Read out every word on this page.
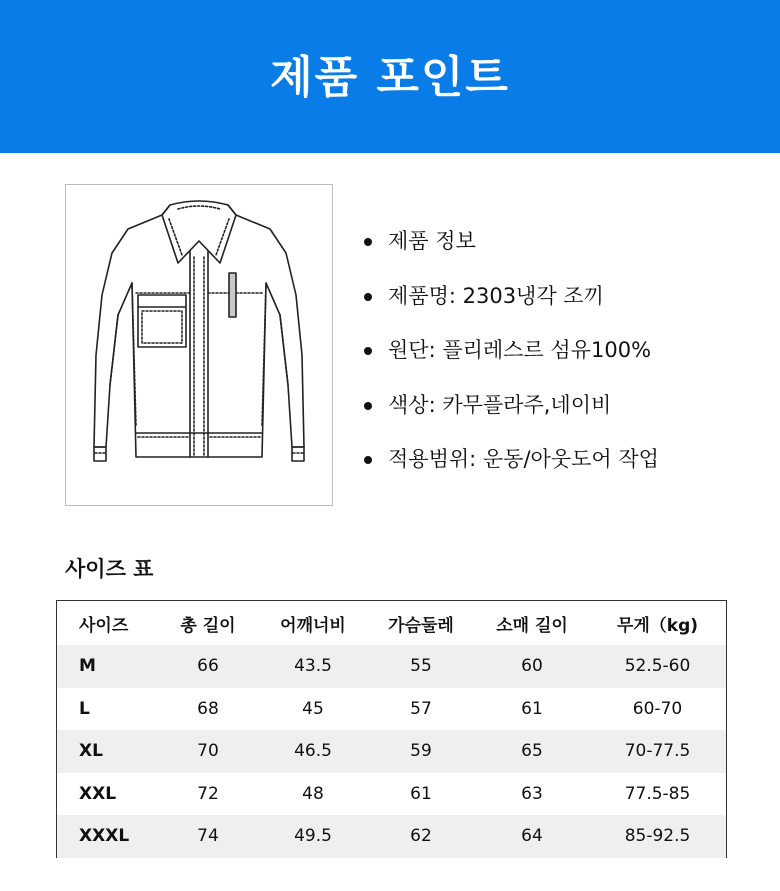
제품 포인트
제품 정보
제품명: 2303냉각 조끼
원단: 플리레스르 섬유100%
색상: 카무플라주,네이비
적용범위: 운동/아웃도어 작업
사이즈 표
사이즈	총 길이	어깨너비	가슴둘레	소매 길이	무게（kg)
M	66	43.5	55	60	52.5-60
L	68	45	57	61	60-70
XL	70	46.5	59	65	70-77.5
XXL	72	48	61	63	77.5-85
XXXL	74	49.5	62	64	85-92.5
